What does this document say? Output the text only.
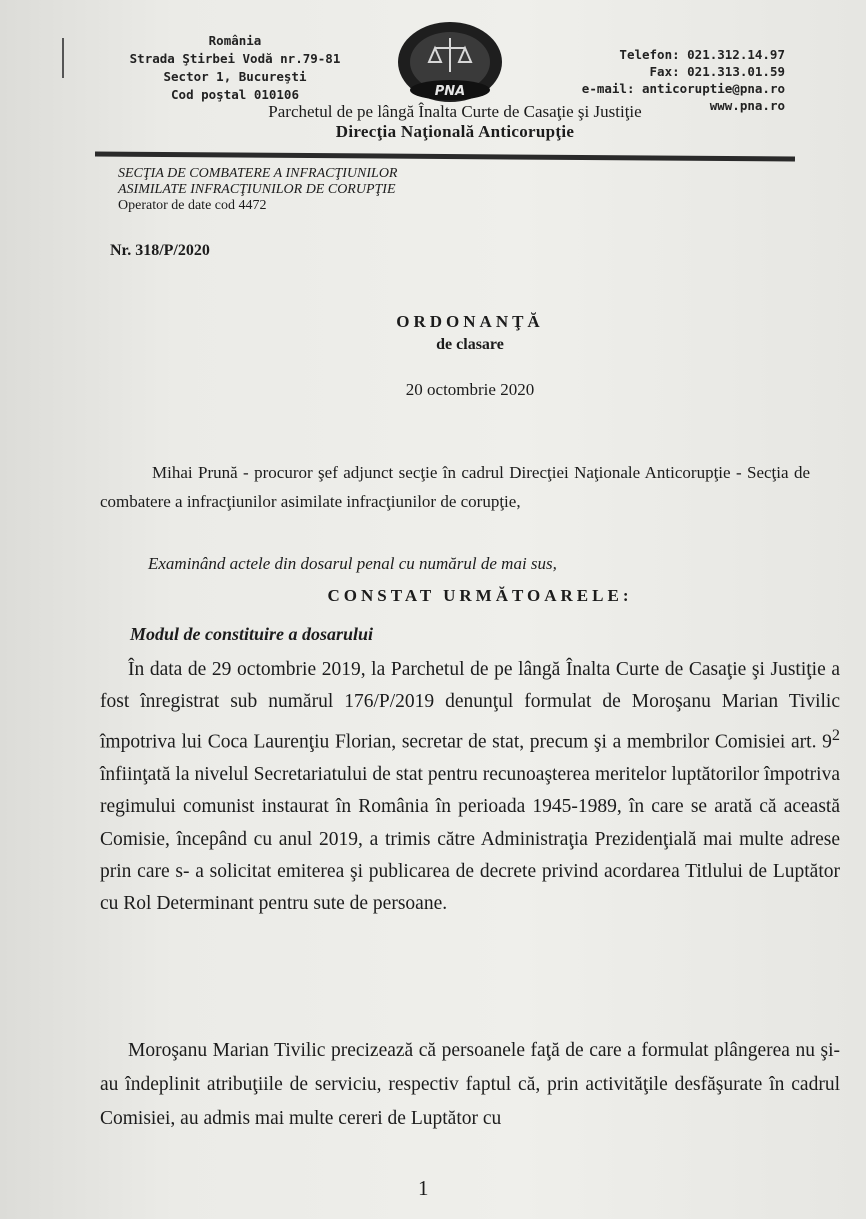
România
Strada Ştirbei Vodă nr.79-81
Sector 1, Bucureşti
Cod poştal 010106	PNA
Telefon: 021.312.14.97
Fax: 021.313.01.59
e-mail: anticoruptie@pna.ro
www.pna.ro
Parchetul de pe lângă Înalta Curte de Casaţie şi Justiţie
Direcţia Naţională Anticorupţie
SECŢIA DE COMBATERE A INFRACŢIUNILOR
ASIMILATE INFRACŢIUNILOR DE CORUPŢIE
Operator de date cod 4472
Nr. 318/P/2020
ORDONANŢĂ
de clasare
20 octombrie 2020
Mihai Prună - procuror şef adjunct secţie în cadrul Direcţiei Naţionale Anticorupţie - Secţia de combatere a infracţiunilor asimilate infracţiunilor de corupţie,
Examinând actele din dosarul penal cu numărul de mai sus,
CONSTAT URMĂTOARELE:
Modul de constituire a dosarului
În data de 29 octombrie 2019, la Parchetul de pe lângă Înalta Curte de Casaţie şi Justiţie a fost înregistrat sub numărul 176/P/2019 denunţul formulat de Moroşanu Marian Tivilic împotriva lui Coca Laurenţiu Florian, secretar de stat, precum şi a membrilor Comisiei art. $9^2$ înfiinţată la nivelul Secretariatului de stat pentru recunoaşterea meritelor luptătorilor împotriva regimului comunist instaurat în România în perioada 1945-1989, în care se arată că această Comisie, începând cu anul 2019, a trimis către Administraţia Prezidenţială mai multe adrese prin care s- a solicitat emiterea şi publicarea de decrete privind acordarea Titlului de Luptător cu Rol Determinant pentru sute de persoane.
Moroşanu Marian Tivilic precizează că persoanele faţă de care a formulat plângerea nu şi-au îndeplinit atribuţiile de serviciu, respectiv faptul că, prin activităţile desfăşurate în cadrul Comisiei, au admis mai multe cereri de Luptător cu
1
